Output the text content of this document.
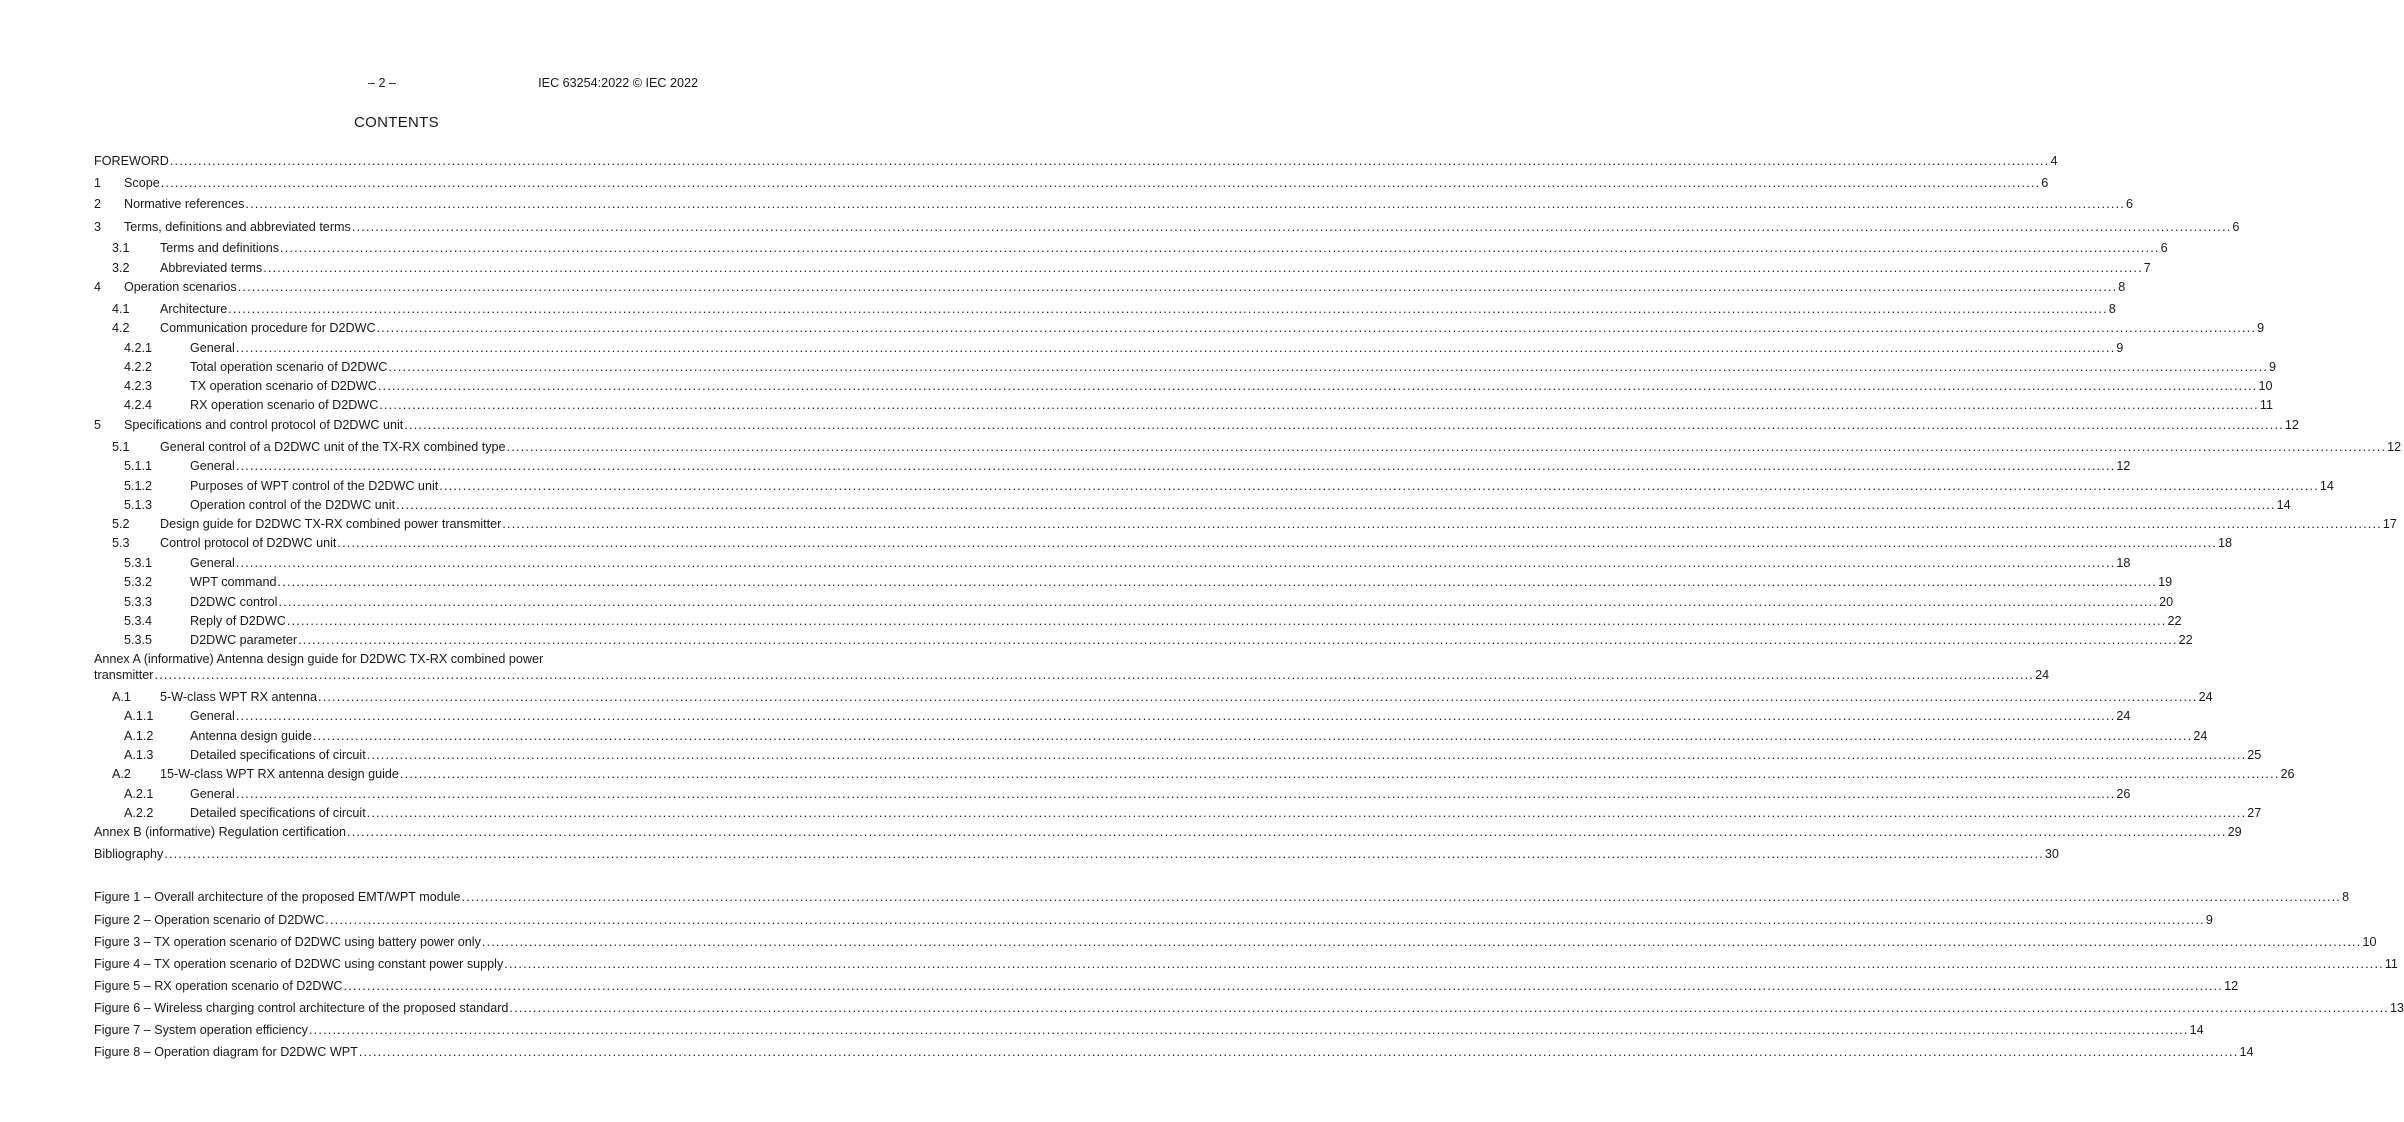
– 2 –	IEC 63254:2022 © IEC 2022
CONTENTS
FOREWORD ................................................................................................................................................................................................................................................................................................................................................................................................................ 4
1 Scope ................................................................................................................................................................................................................................................................................................................................................................................................................ 6
2 Normative references ................................................................................................................................................................................................................................................................................................................................................................................................................ 6
3 Terms, definitions and abbreviated terms ................................................................................................................................................................................................................................................................................................................................................................................................................ 6
3.1 Terms and definitions ................................................................................................................................................................................................................................................................................................................................................................................................................ 6
3.2 Abbreviated terms ................................................................................................................................................................................................................................................................................................................................................................................................................ 7
4 Operation scenarios ................................................................................................................................................................................................................................................................................................................................................................................................................ 8
4.1 Architecture ................................................................................................................................................................................................................................................................................................................................................................................................................ 8
4.2 Communication procedure for D2DWC ................................................................................................................................................................................................................................................................................................................................................................................................................ 9
4.2.1	General ................................................................................................................................................................................................................................................................................................................................................................................................................ 9
4.2.2	Total operation scenario of D2DWC ................................................................................................................................................................................................................................................................................................................................................................................................................ 9
4.2.3	TX operation scenario of D2DWC ................................................................................................................................................................................................................................................................................................................................................................................................................ 10
4.2.4	RX operation scenario of D2DWC ................................................................................................................................................................................................................................................................................................................................................................................................................ 11
5 Specifications and control protocol of D2DWC unit ................................................................................................................................................................................................................................................................................................................................................................................................................ 12
5.1 General control of a D2DWC unit of the TX-RX combined type ................................................................................................................................................................................................................................................................................................................................................................................................................ 12
5.1.1	General ................................................................................................................................................................................................................................................................................................................................................................................................................ 12
5.1.2	Purposes of WPT control of the D2DWC unit ................................................................................................................................................................................................................................................................................................................................................................................................................ 14
5.1.3	Operation control of the D2DWC unit ................................................................................................................................................................................................................................................................................................................................................................................................................ 14
5.2 Design guide for D2DWC TX-RX combined power transmitter ................................................................................................................................................................................................................................................................................................................................................................................................................ 17
5.3 Control protocol of D2DWC unit ................................................................................................................................................................................................................................................................................................................................................................................................................ 18
5.3.1	General ................................................................................................................................................................................................................................................................................................................................................................................................................ 18
5.3.2	WPT command ................................................................................................................................................................................................................................................................................................................................................................................................................ 19
5.3.3	D2DWC control ................................................................................................................................................................................................................................................................................................................................................................................................................ 20
5.3.4	Reply of D2DWC ................................................................................................................................................................................................................................................................................................................................................................................................................ 22
5.3.5	D2DWC parameter ................................................................................................................................................................................................................................................................................................................................................................................................................ 22
Annex A (informative) Antenna design guide for D2DWC TX-RX combined power
transmitter ................................................................................................................................................................................................................................................................................................................................................................................................................ 24
A.1 5-W-class WPT RX antenna ................................................................................................................................................................................................................................................................................................................................................................................................................ 24
A.1.1	General ................................................................................................................................................................................................................................................................................................................................................................................................................ 24
A.1.2	Antenna design guide ................................................................................................................................................................................................................................................................................................................................................................................................................ 24
A.1.3	Detailed specifications of circuit ................................................................................................................................................................................................................................................................................................................................................................................................................ 25
A.2 15-W-class WPT RX antenna design guide ................................................................................................................................................................................................................................................................................................................................................................................................................ 26
A.2.1	General ................................................................................................................................................................................................................................................................................................................................................................................................................ 26
A.2.2	Detailed specifications of circuit ................................................................................................................................................................................................................................................................................................................................................................................................................ 27
Annex B (informative) Regulation certification ................................................................................................................................................................................................................................................................................................................................................................................................................ 29
Bibliography ................................................................................................................................................................................................................................................................................................................................................................................................................ 30
Figure 1 – Overall architecture of the proposed EMT/WPT module ................................................................................................................................................................................................................................................................................................................................................................................................................ 8
Figure 2 – Operation scenario of D2DWC ................................................................................................................................................................................................................................................................................................................................................................................................................ 9
Figure 3 – TX operation scenario of D2DWC using battery power only ................................................................................................................................................................................................................................................................................................................................................................................................................ 10
Figure 4 – TX operation scenario of D2DWC using constant power supply ................................................................................................................................................................................................................................................................................................................................................................................................................ 11
Figure 5 – RX operation scenario of D2DWC ................................................................................................................................................................................................................................................................................................................................................................................................................ 12
Figure 6 – Wireless charging control architecture of the proposed standard ................................................................................................................................................................................................................................................................................................................................................................................................................ 13
Figure 7 – System operation efficiency ................................................................................................................................................................................................................................................................................................................................................................................................................ 14
Figure 8 – Operation diagram for D2DWC WPT ................................................................................................................................................................................................................................................................................................................................................................................................................ 14
